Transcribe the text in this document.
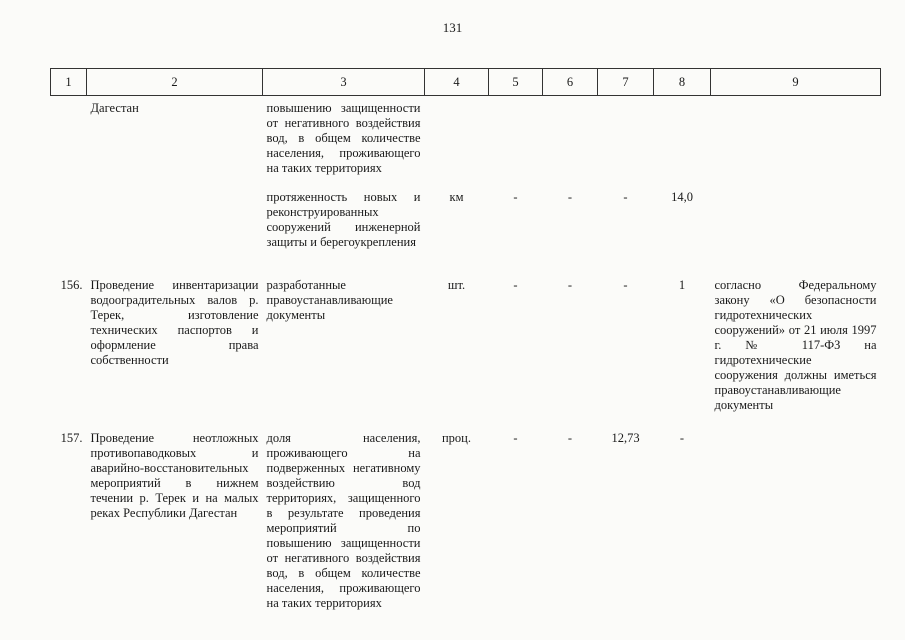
131
1	2	3	4	5	6	7	8	9
	Дагестан	повышению защищенности от негативного воздействия вод, в общем количестве населения, проживающего на таких территориях						
		протяженность новых и реконструированных сооружений инженерной защиты и берегоукрепления	км	-	-	-	14,0	
156.	Проведение инвентаризации водооградительных валов р. Терек, изготовление технических паспортов и оформление права собственности	разработанные правоустанавливающие документы	шт.	-	-	-	1	согласно Федеральному закону «О безопасности гидротехнических сооружений» от 21 июля 1997 г. № 117-ФЗ на гидротехнические сооружения должны иметься правоустанавливающие документы
157.	Проведение неотложных противопаводковых и аварийно-восстановительных мероприятий в нижнем течении р. Терек и на малых реках Республики Дагестан	доля населения, проживающего на подверженных негативному воздействию вод территориях, защищенного в результате проведения мероприятий по повышению защищенности от негативного воздействия вод, в общем количестве населения, проживающего на таких территориях	проц.	-	-	12,73	-	
